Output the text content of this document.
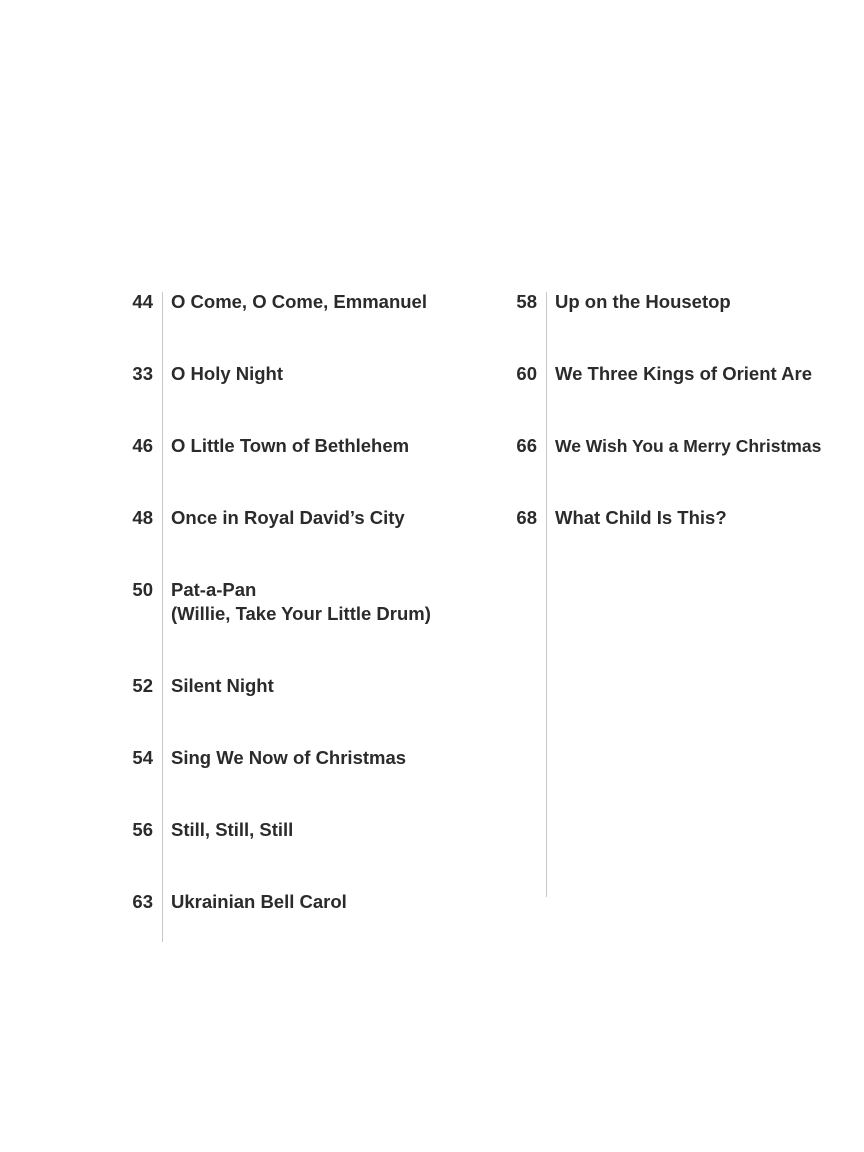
44 O Come, O Come, Emmanuel
33 O Holy Night
46 O Little Town of Bethlehem
48 Once in Royal David’s City
50 Pat-a-Pan
(Willie, Take Your Little Drum)
52 Silent Night
54 Sing We Now of Christmas
56 Still, Still, Still
63 Ukrainian Bell Carol
58 Up on the Housetop
60 We Three Kings of Orient Are
66 We Wish You a Merry Christmas
68 What Child Is This?
